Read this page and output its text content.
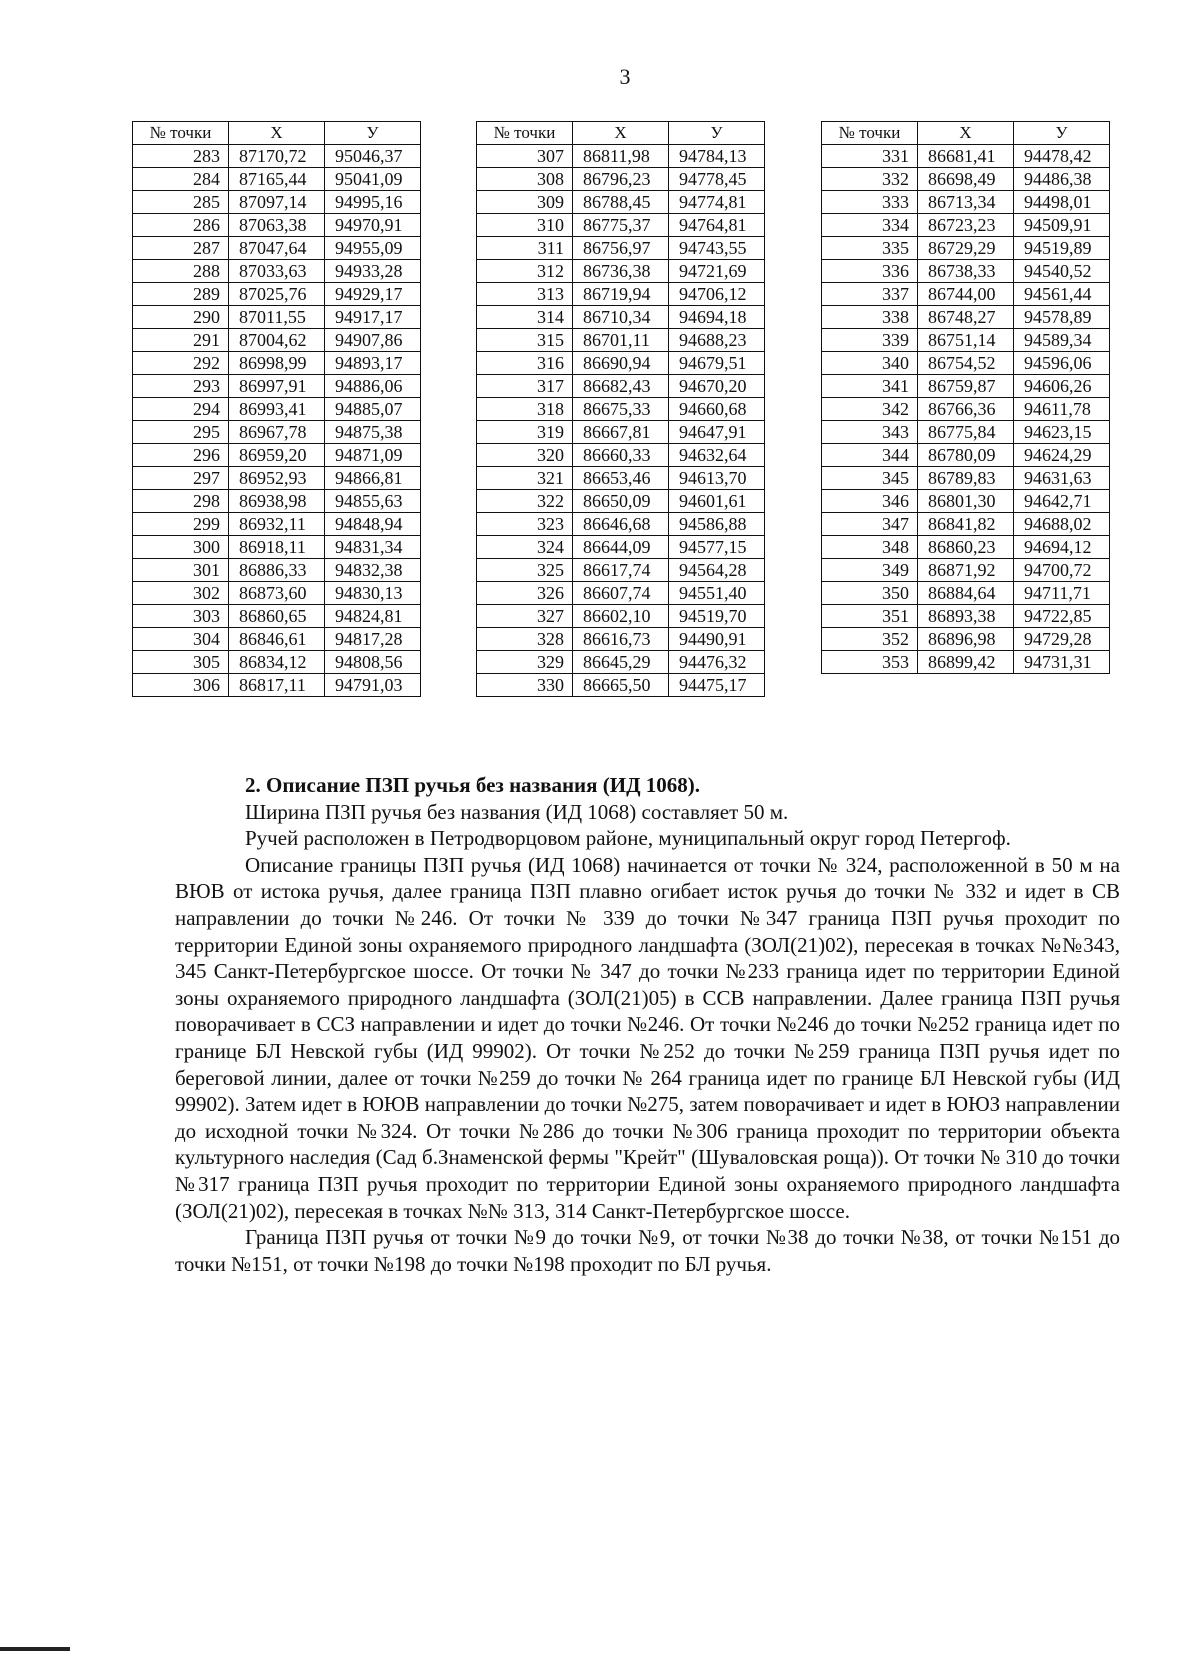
3
№ точки	X	У
283	87170,72	95046,37
284	87165,44	95041,09
285	87097,14	94995,16
286	87063,38	94970,91
287	87047,64	94955,09
288	87033,63	94933,28
289	87025,76	94929,17
290	87011,55	94917,17
291	87004,62	94907,86
292	86998,99	94893,17
293	86997,91	94886,06
294	86993,41	94885,07
295	86967,78	94875,38
296	86959,20	94871,09
297	86952,93	94866,81
298	86938,98	94855,63
299	86932,11	94848,94
300	86918,11	94831,34
301	86886,33	94832,38
302	86873,60	94830,13
303	86860,65	94824,81
304	86846,61	94817,28
305	86834,12	94808,56
306	86817,11	94791,03
№ точки	X	У
307	86811,98	94784,13
308	86796,23	94778,45
309	86788,45	94774,81
310	86775,37	94764,81
311	86756,97	94743,55
312	86736,38	94721,69
313	86719,94	94706,12
314	86710,34	94694,18
315	86701,11	94688,23
316	86690,94	94679,51
317	86682,43	94670,20
318	86675,33	94660,68
319	86667,81	94647,91
320	86660,33	94632,64
321	86653,46	94613,70
322	86650,09	94601,61
323	86646,68	94586,88
324	86644,09	94577,15
325	86617,74	94564,28
326	86607,74	94551,40
327	86602,10	94519,70
328	86616,73	94490,91
329	86645,29	94476,32
330	86665,50	94475,17
№ точки	X	У
331	86681,41	94478,42
332	86698,49	94486,38
333	86713,34	94498,01
334	86723,23	94509,91
335	86729,29	94519,89
336	86738,33	94540,52
337	86744,00	94561,44
338	86748,27	94578,89
339	86751,14	94589,34
340	86754,52	94596,06
341	86759,87	94606,26
342	86766,36	94611,78
343	86775,84	94623,15
344	86780,09	94624,29
345	86789,83	94631,63
346	86801,30	94642,71
347	86841,82	94688,02
348	86860,23	94694,12
349	86871,92	94700,72
350	86884,64	94711,71
351	86893,38	94722,85
352	86896,98	94729,28
353	86899,42	94731,31

2. Описание ПЗП ручья без названия (ИД 1068).

Ширина ПЗП ручья без названия (ИД 1068) составляет 50 м.

Ручей расположен в Петродворцовом районе, муниципальный округ город Петергоф.

Описание границы ПЗП ручья (ИД 1068) начинается от точки № 324, расположенной в 50 м на ВЮВ от истока ручья, далее граница ПЗП плавно огибает исток ручья до точки № 332 и идет в СВ направлении до точки №246. От точки № 339 до точки №347 граница ПЗП ручья проходит по территории Единой зоны охраняемого природного ландшафта (ЗОЛ(21)02), пересекая в точках №№343, 345 Санкт-Петербургское шоссе. От точки № 347 до точки №233 граница идет по территории Единой зоны охраняемого природного ландшафта (ЗОЛ(21)05) в ССВ направлении. Далее граница ПЗП ручья поворачивает в ССЗ направлении и идет до точки №246. От точки №246 до точки №252 граница идет по границе БЛ Невской губы (ИД 99902). От точки №252 до точки №259 граница ПЗП ручья идет по береговой линии, далее от точки №259 до точки № 264 граница идет по границе БЛ Невской губы (ИД 99902). Затем идет в ЮЮВ направлении до точки №275, затем поворачивает и идет в ЮЮЗ направлении до исходной точки №324. От точки №286 до точки №306 граница проходит по территории объекта культурного наследия (Сад б.Знаменской фермы "Крейт" (Шуваловская роща)). От точки № 310 до точки №317 граница ПЗП ручья проходит по территории Единой зоны охраняемого природного ландшафта (ЗОЛ(21)02), пересекая в точках №№ 313, 314 Санкт-Петербургское шоссе.

Граница ПЗП ручья от точки №9 до точки №9, от точки №38 до точки №38, от точки №151 до точки №151, от точки №198 до точки №198 проходит по БЛ ручья.
